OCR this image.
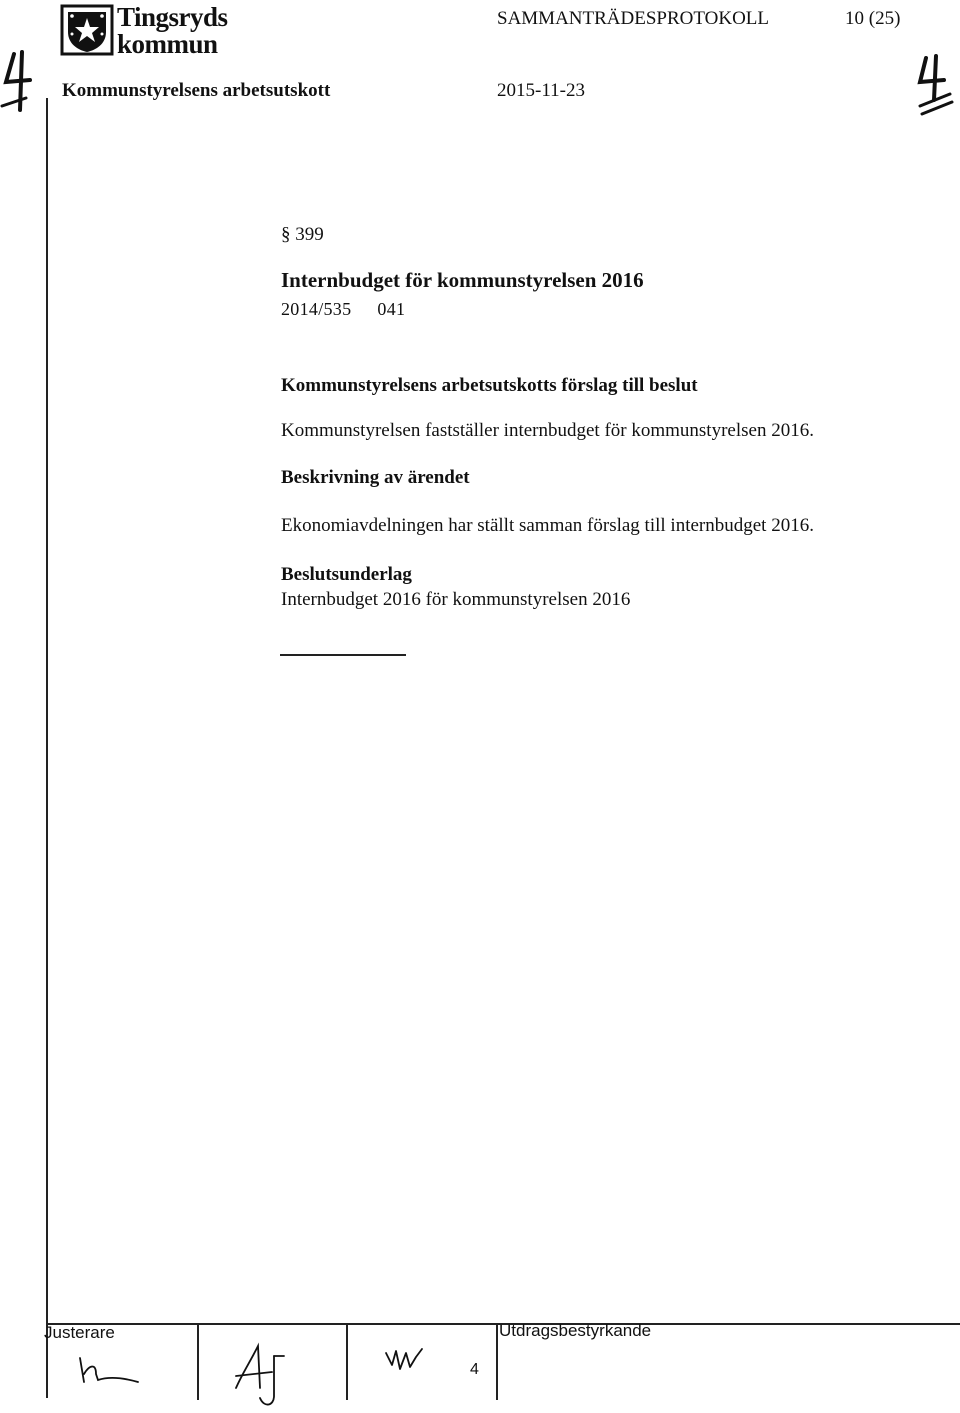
Tingsryds
kommun
SAMMANTRÄDESPROTOKOLL	10 (25)
Kommunstyrelsens arbetsutskott	2015-11-23
§ 399
Internbudget för kommunstyrelsen 2016
2014/535 041
Kommunstyrelsens arbetsutskotts förslag till beslut
Kommunstyrelsen fastställer internbudget för kommunstyrelsen 2016.
Beskrivning av ärendet
Ekonomiavdelningen har ställt samman förslag till internbudget 2016.
Beslutsunderlag
Internbudget 2016 för kommunstyrelsen 2016
Justerare	Utdragsbestyrkande
4
